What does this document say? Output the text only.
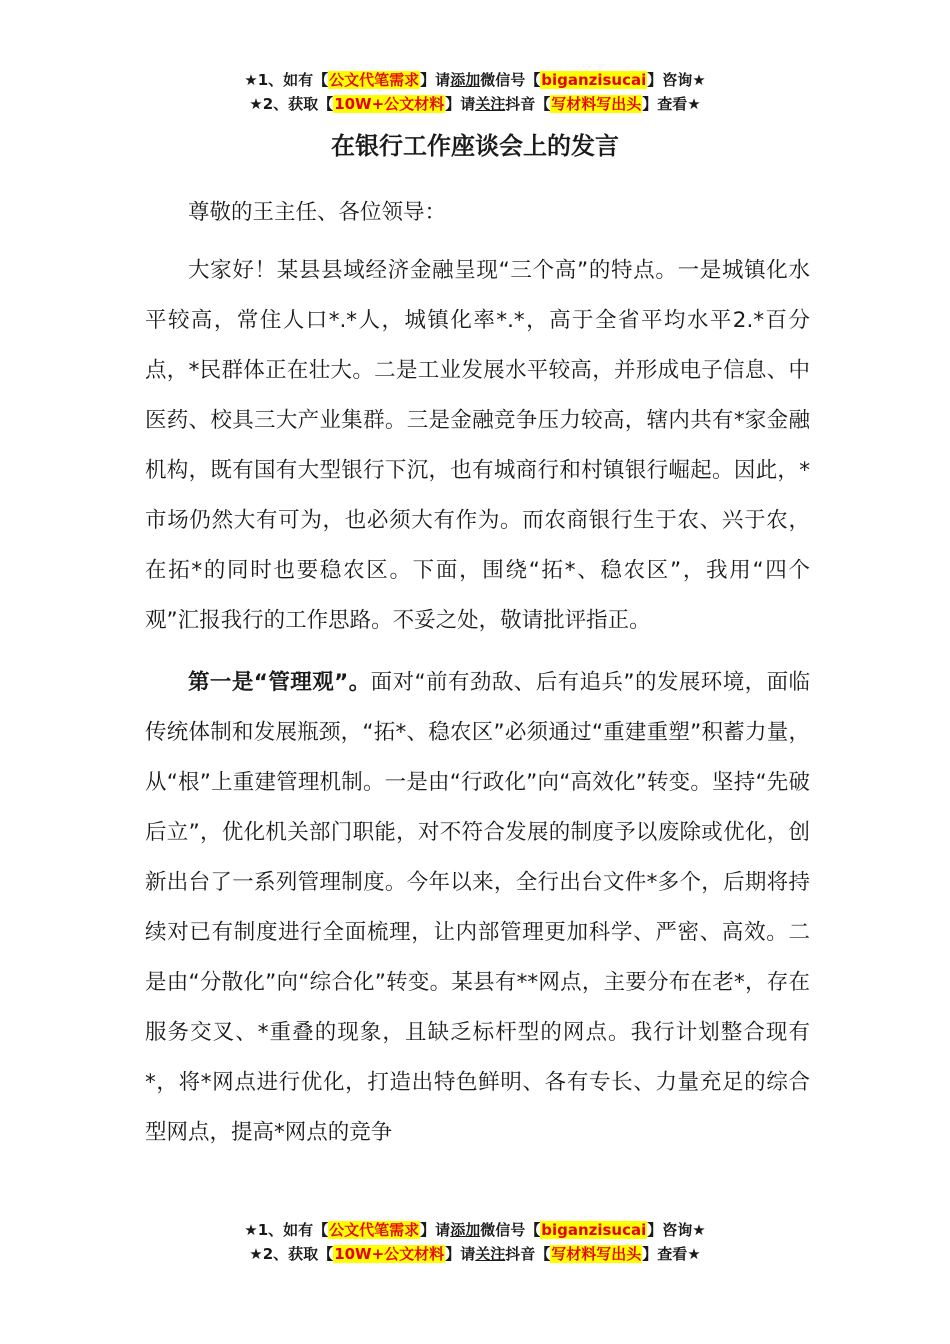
★1、如有【公文代笔需求】请添加微信号【biganzisucai】咨询★
★2、获取【10W+公文材料】请关注抖音【写材料写出头】查看★
在银行工作座谈会上的发言

尊敬的王主任、各位领导：

大家好！某县县域经济金融呈现“三个高”的特点。一是城镇化水平较高，常住人口*.*人，城镇化率*.*，高于全省平均水平2.*百分点，*民群体正在壮大。二是工业发展水平较高，并形成电子信息、中医药、校具三大产业集群。三是金融竞争压力较高，辖内共有*家金融机构，既有国有大型银行下沉，也有城商行和村镇银行崛起。因此，*市场仍然大有可为，也必须大有作为。而农商银行生于农、兴于农，在拓*的同时也要稳农区。下面，围绕“拓*、稳农区”，我用“四个观”汇报我行的工作思路。不妥之处，敬请批评指正。

第一是“管理观”。面对“前有劲敌、后有追兵”的发展环境，面临传统体制和发展瓶颈，“拓*、稳农区”必须通过“重建重塑”积蓄力量，从“根”上重建管理机制。一是由“行政化”向“高效化”转变。坚持“先破后立”，优化机关部门职能，对不符合发展的制度予以废除或优化，创新出台了一系列管理制度。今年以来，全行出台文件*多个，后期将持续对已有制度进行全面梳理，让内部管理更加科学、严密、高效。二是由“分散化”向“综合化”转变。某县有**网点，主要分布在老*，存在服务交叉、*重叠的现象，且缺乏标杆型的网点。我行计划整合现有*，将*网点进行优化，打造出特色鲜明、各有专长、力量充足的综合型网点，提高*网点的竞争

★1、如有【公文代笔需求】请添加微信号【biganzisucai】咨询★
★2、获取【10W+公文材料】请关注抖音【写材料写出头】查看★
